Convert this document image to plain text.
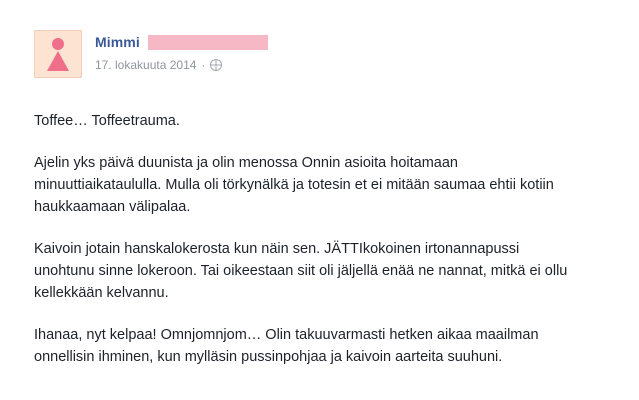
Mimmi
17. lokakuuta 2014 ·

Toffee… Toffeetrauma.

Ajelin yks päivä duunista ja olin menossa Onnin asioita hoitamaan minuuttiaikataululla. Mulla oli törkynälkä ja totesin et ei mitään saumaa ehtii kotiin haukkaamaan välipalaa.

Kaivoin jotain hanskalokerosta kun näin sen. JÄTTIkokoinen irtonannapussi unohtunu sinne lokeroon. Tai oikeestaan siit oli jäljellä enää ne nannat, mitkä ei ollu kellekkään kelvannu.

Ihanaa, nyt kelpaa! Omnjomnjom… Olin takuuvarmasti hetken aikaa maailman onnellisin ihminen, kun mylläsin pussinpohjaa ja kaivoin aarteita suuhuni.
